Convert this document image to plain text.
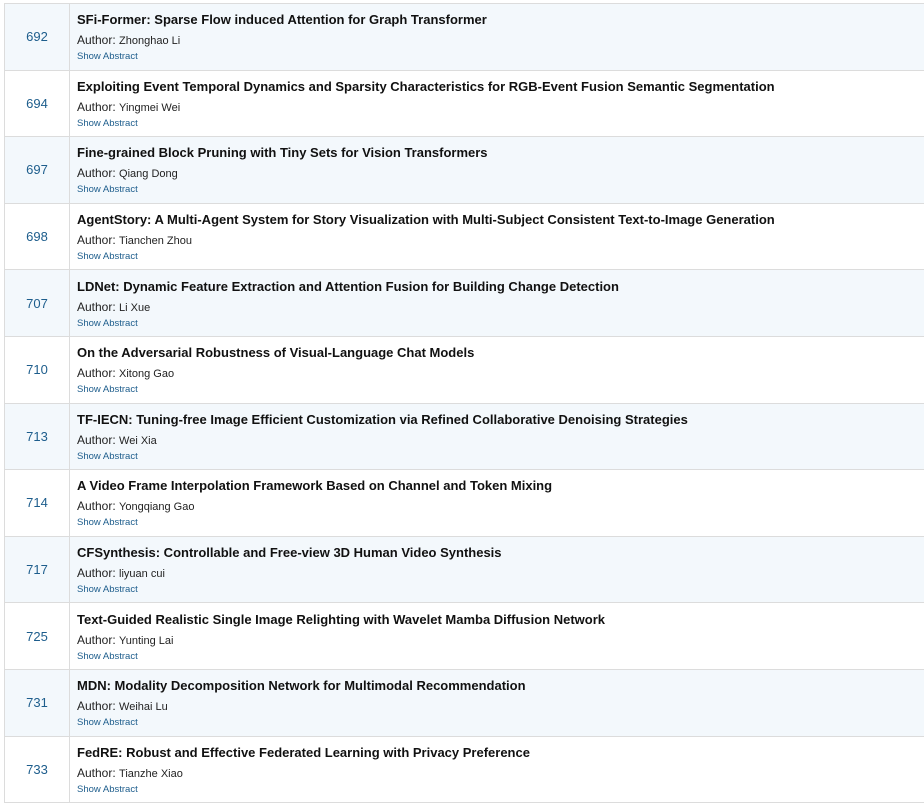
692	SFi-Former: Sparse Flow induced Attention for Graph Transformer
Author: Zhonghao Li
Show Abstract

694	Exploiting Event Temporal Dynamics and Sparsity Characteristics for RGB-Event Fusion Semantic Segmentation
Author: Yingmei Wei
Show Abstract

697	Fine-grained Block Pruning with Tiny Sets for Vision Transformers
Author: Qiang Dong
Show Abstract

698	AgentStory: A Multi-Agent System for Story Visualization with Multi-Subject Consistent Text-to-Image Generation
Author: Tianchen Zhou
Show Abstract

707	LDNet: Dynamic Feature Extraction and Attention Fusion for Building Change Detection
Author: Li Xue
Show Abstract

710	On the Adversarial Robustness of Visual-Language Chat Models
Author: Xitong Gao
Show Abstract

713	TF-IECN: Tuning-free Image Efficient Customization via Refined Collaborative Denoising Strategies
Author: Wei Xia
Show Abstract

714	A Video Frame Interpolation Framework Based on Channel and Token Mixing
Author: Yongqiang Gao
Show Abstract

717	CFSynthesis: Controllable and Free-view 3D Human Video Synthesis
Author: liyuan cui
Show Abstract

725	Text-Guided Realistic Single Image Relighting with Wavelet Mamba Diffusion Network
Author: Yunting Lai
Show Abstract

731	MDN: Modality Decomposition Network for Multimodal Recommendation
Author: Weihai Lu
Show Abstract

733	FedRE: Robust and Effective Federated Learning with Privacy Preference
Author: Tianzhe Xiao
Show Abstract
